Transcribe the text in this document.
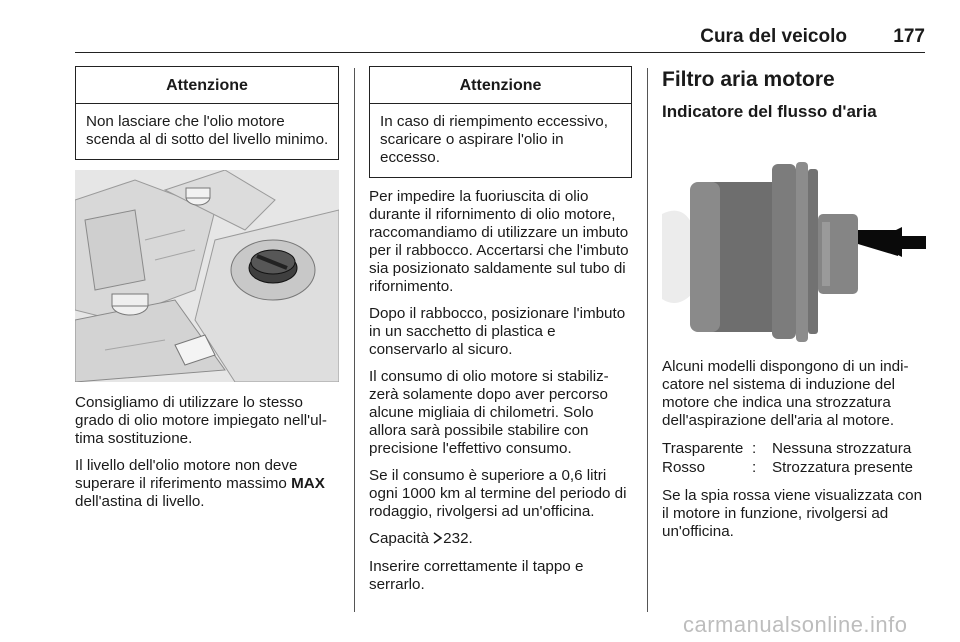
Cura del veicolo 177
Attenzione
Non lasciare che l'olio motore scenda al di sotto del livello minimo.

Consigliamo di utilizzare lo stesso grado di olio motore impiegato nell'ultima sostituzione.

Il livello dell'olio motore non deve superare il riferimento massimo MAX dell'astina di livello.

Attenzione
In caso di riempimento eccessivo, scaricare o aspirare l'olio in eccesso.

Per impedire la fuoriuscita di olio durante il rifornimento di olio motore, raccomandiamo di utilizzare un imbuto per il rabbocco. Accertarsi che l'imbuto sia posizionato saldamente sul tubo di rifornimento.

Dopo il rabbocco, posizionare l'imbuto in un sacchetto di plastica e conservarlo al sicuro.

Il consumo di olio motore si stabilizzerà solamente dopo aver percorso alcune migliaia di chilometri. Solo allora sarà possibile stabilire con precisione l'effettivo consumo.

Se il consumo è superiore a 0,6 litri ogni 1000 km al termine del periodo di rodaggio, rivolgersi ad un'officina.

Capacità 232.

Inserire correttamente il tappo e serrarlo.

Filtro aria motore
Indicatore del flusso d'aria

Alcuni modelli dispongono di un indicatore nel sistema di induzione del motore che indica una strozzatura dell'aspirazione dell'aria al motore.

Trasparente :	Nessuna strozzatura
Rosso	:	Strozzatura presente

Se la spia rossa viene visualizzata con il motore in funzione, rivolgersi ad un'officina.

carmanualsonline.info
